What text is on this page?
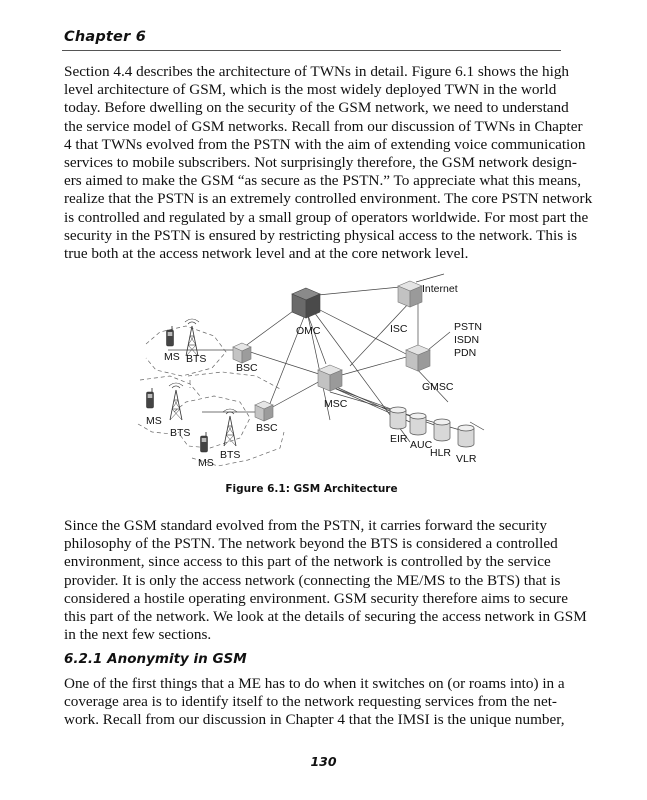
Chapter 6
Section 4.4 describes the architecture of TWNs in detail. Figure 6.1 shows the high
level architecture of GSM, which is the most widely deployed TWN in the world
today. Before dwelling on the security of the GSM network, we need to understand
the service model of GSM networks. Recall from our discussion of TWNs in Chapter
4 that TWNs evolved from the PSTN with the aim of extending voice communication
services to mobile subscribers. Not surprisingly therefore, the GSM network design-
ers aimed to make the GSM “as secure as the PSTN.” To appreciate what this means,
realize that the PSTN is an extremely controlled environment. The core PSTN network
is controlled and regulated by a small group of operators worldwide. For most part the
security in the PSTN is ensured by restricting physical access to the network. This is
true both at the access network level and at the core network level.
OMC	ISC
GMSC
MSC
BSC
BSC
Internet
PSTN
ISDN
PDN
MS BTS
MS
BTS
BTS
MS
EIR AUC
HLR VLR
Figure 6.1: GSM Architecture
Since the GSM standard evolved from the PSTN, it carries forward the security
philosophy of the PSTN. The network beyond the BTS is considered a controlled
environment, since access to this part of the network is controlled by the service
provider. It is only the access network (connecting the ME/MS to the BTS) that is
considered a hostile operating environment. GSM security therefore aims to secure
this part of the network. We look at the details of securing the access network in GSM
in the next few sections.
6.2.1 Anonymity in GSM
One of the first things that a ME has to do when it switches on (or roams into) in a
coverage area is to identify itself to the network requesting services from the net-
work. Recall from our discussion in Chapter 4 that the IMSI is the unique number,
130
